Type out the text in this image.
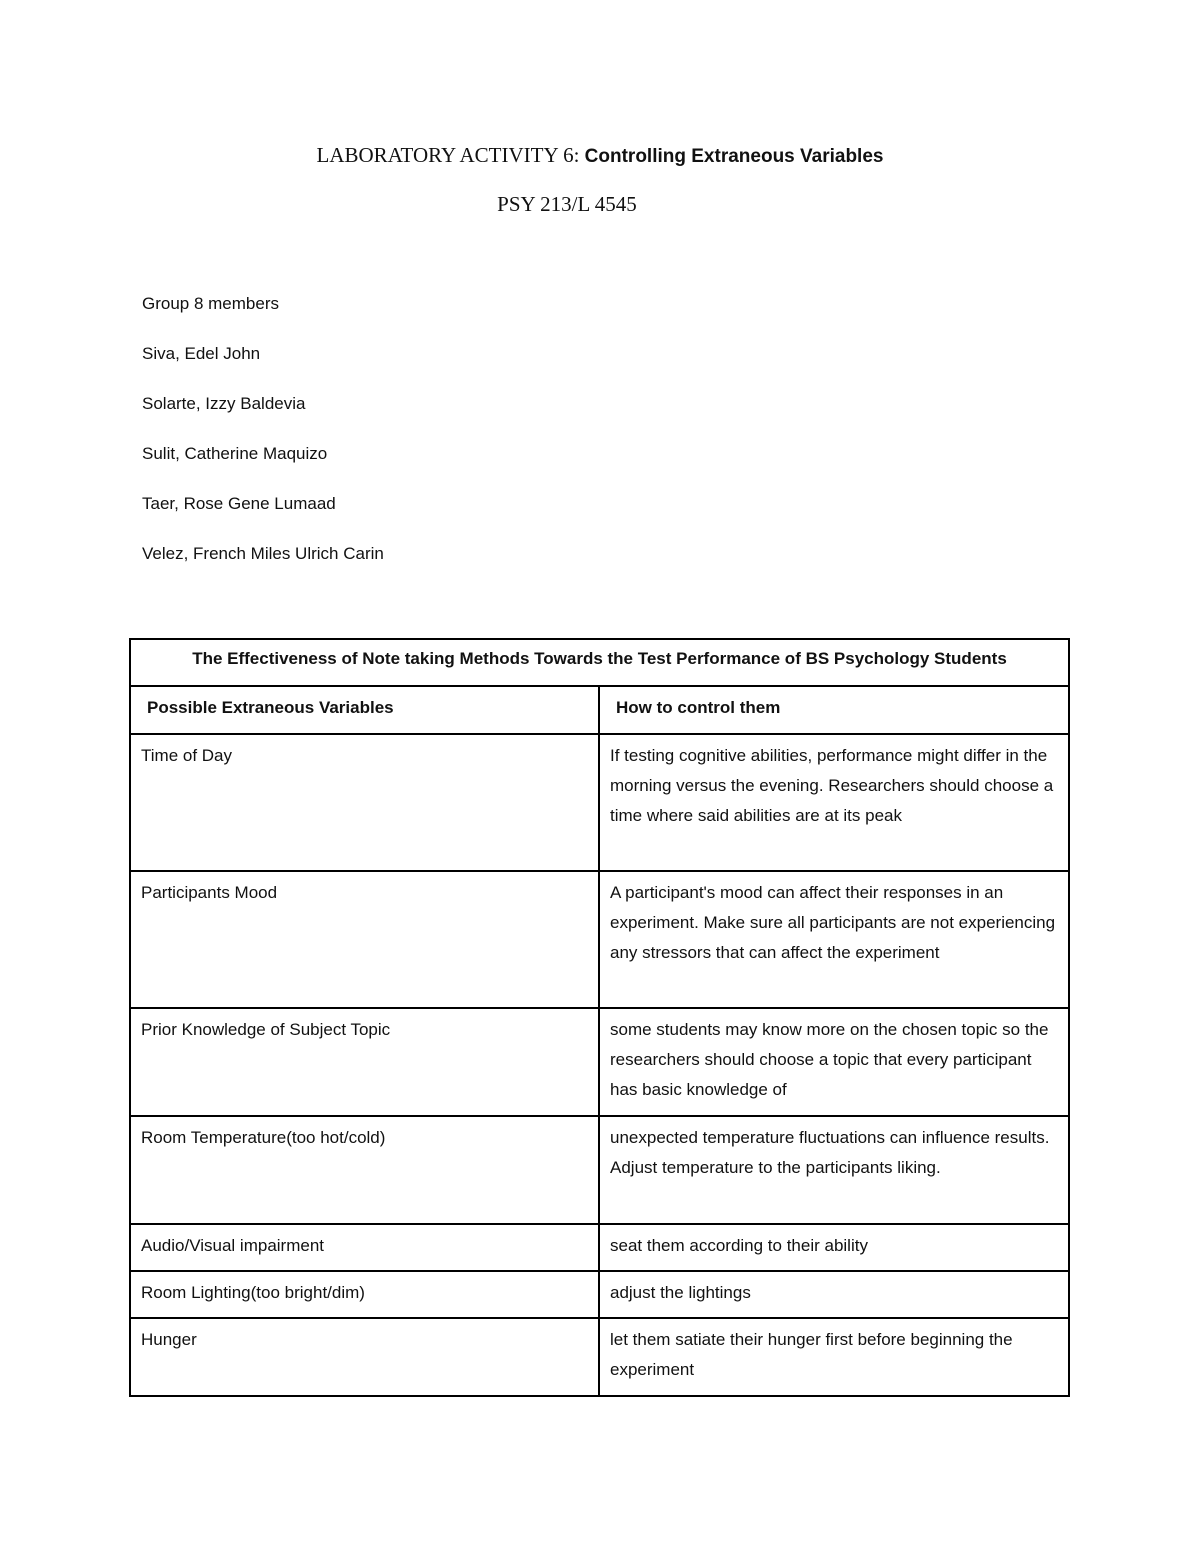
LABORATORY ACTIVITY 6: Controlling Extraneous Variables
PSY 213/L 4545
Group 8 members
Siva, Edel John
Solarte, Izzy Baldevia
Sulit, Catherine Maquizo
Taer, Rose Gene Lumaad
Velez, French Miles Ulrich Carin
The Effectiveness of Note taking Methods Towards the Test Performance of BS Psychology Students	
Possible Extraneous Variables	How to control them
Time of Day	If testing cognitive abilities, performance might differ in the morning versus the evening. Researchers should choose a time where said abilities are at its peak
Participants Mood	A participant's mood can affect their responses in an experiment. Make sure all participants are not experiencing any stressors that can affect the experiment
Prior Knowledge of Subject Topic	some students may know more on the chosen topic so the researchers should choose a topic that every participant has basic knowledge of
Room Temperature(too hot/cold)	unexpected temperature fluctuations can influence results. Adjust temperature to the participants liking.
Audio/Visual impairment	seat them according to their ability
Room Lighting(too bright/dim)	adjust the lightings
Hunger	let them satiate their hunger first before beginning the experiment
